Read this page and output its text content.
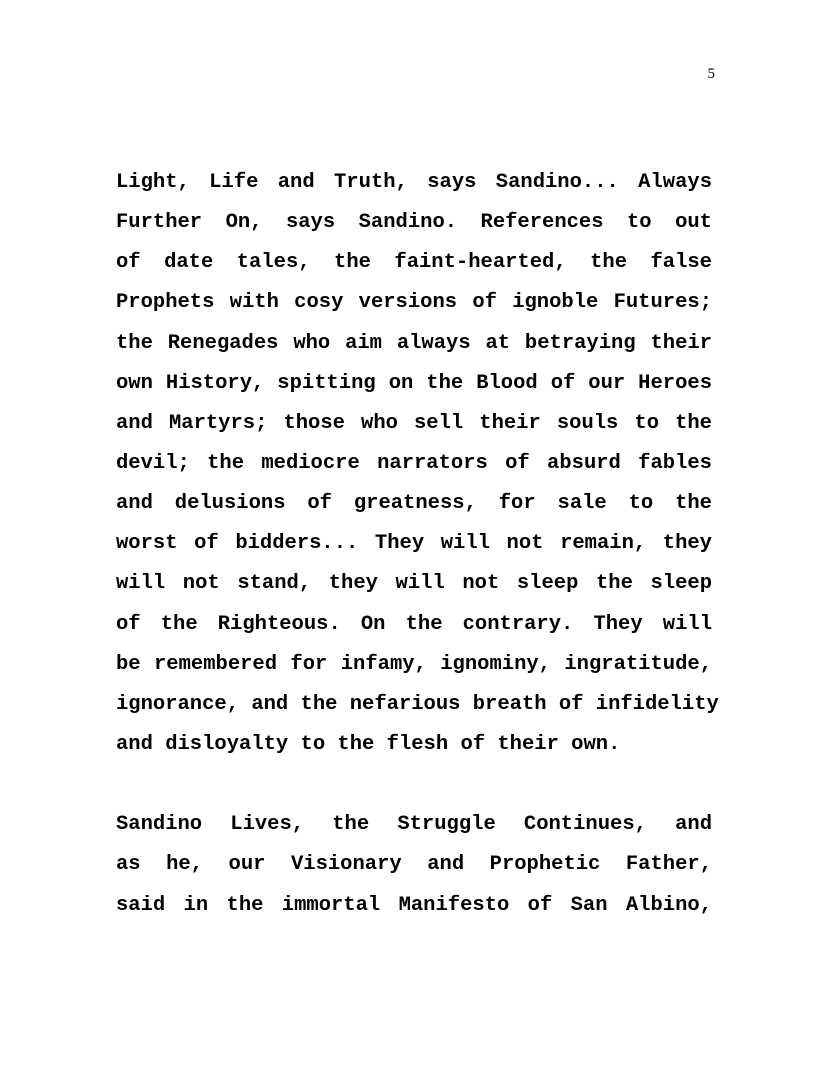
5
Light, Life and Truth, says Sandino... Always
Further On, says Sandino. References to out
of date tales, the faint-hearted, the false
Prophets with cosy versions of ignoble Futures;
the Renegades who aim always at betraying their
own History, spitting on the Blood of our Heroes
and Martyrs; those who sell their souls to the
devil; the mediocre narrators of absurd fables
and delusions of greatness, for sale to the
worst of bidders... They will not remain, they
will not stand, they will not sleep the sleep
of the Righteous. On the contrary. They will
be remembered for infamy, ignominy, ingratitude,
ignorance, and the nefarious breath of infidelity
and disloyalty to the flesh of their own.
Sandino Lives, the Struggle Continues, and
as he, our Visionary and Prophetic Father,
said in the immortal Manifesto of San Albino,
